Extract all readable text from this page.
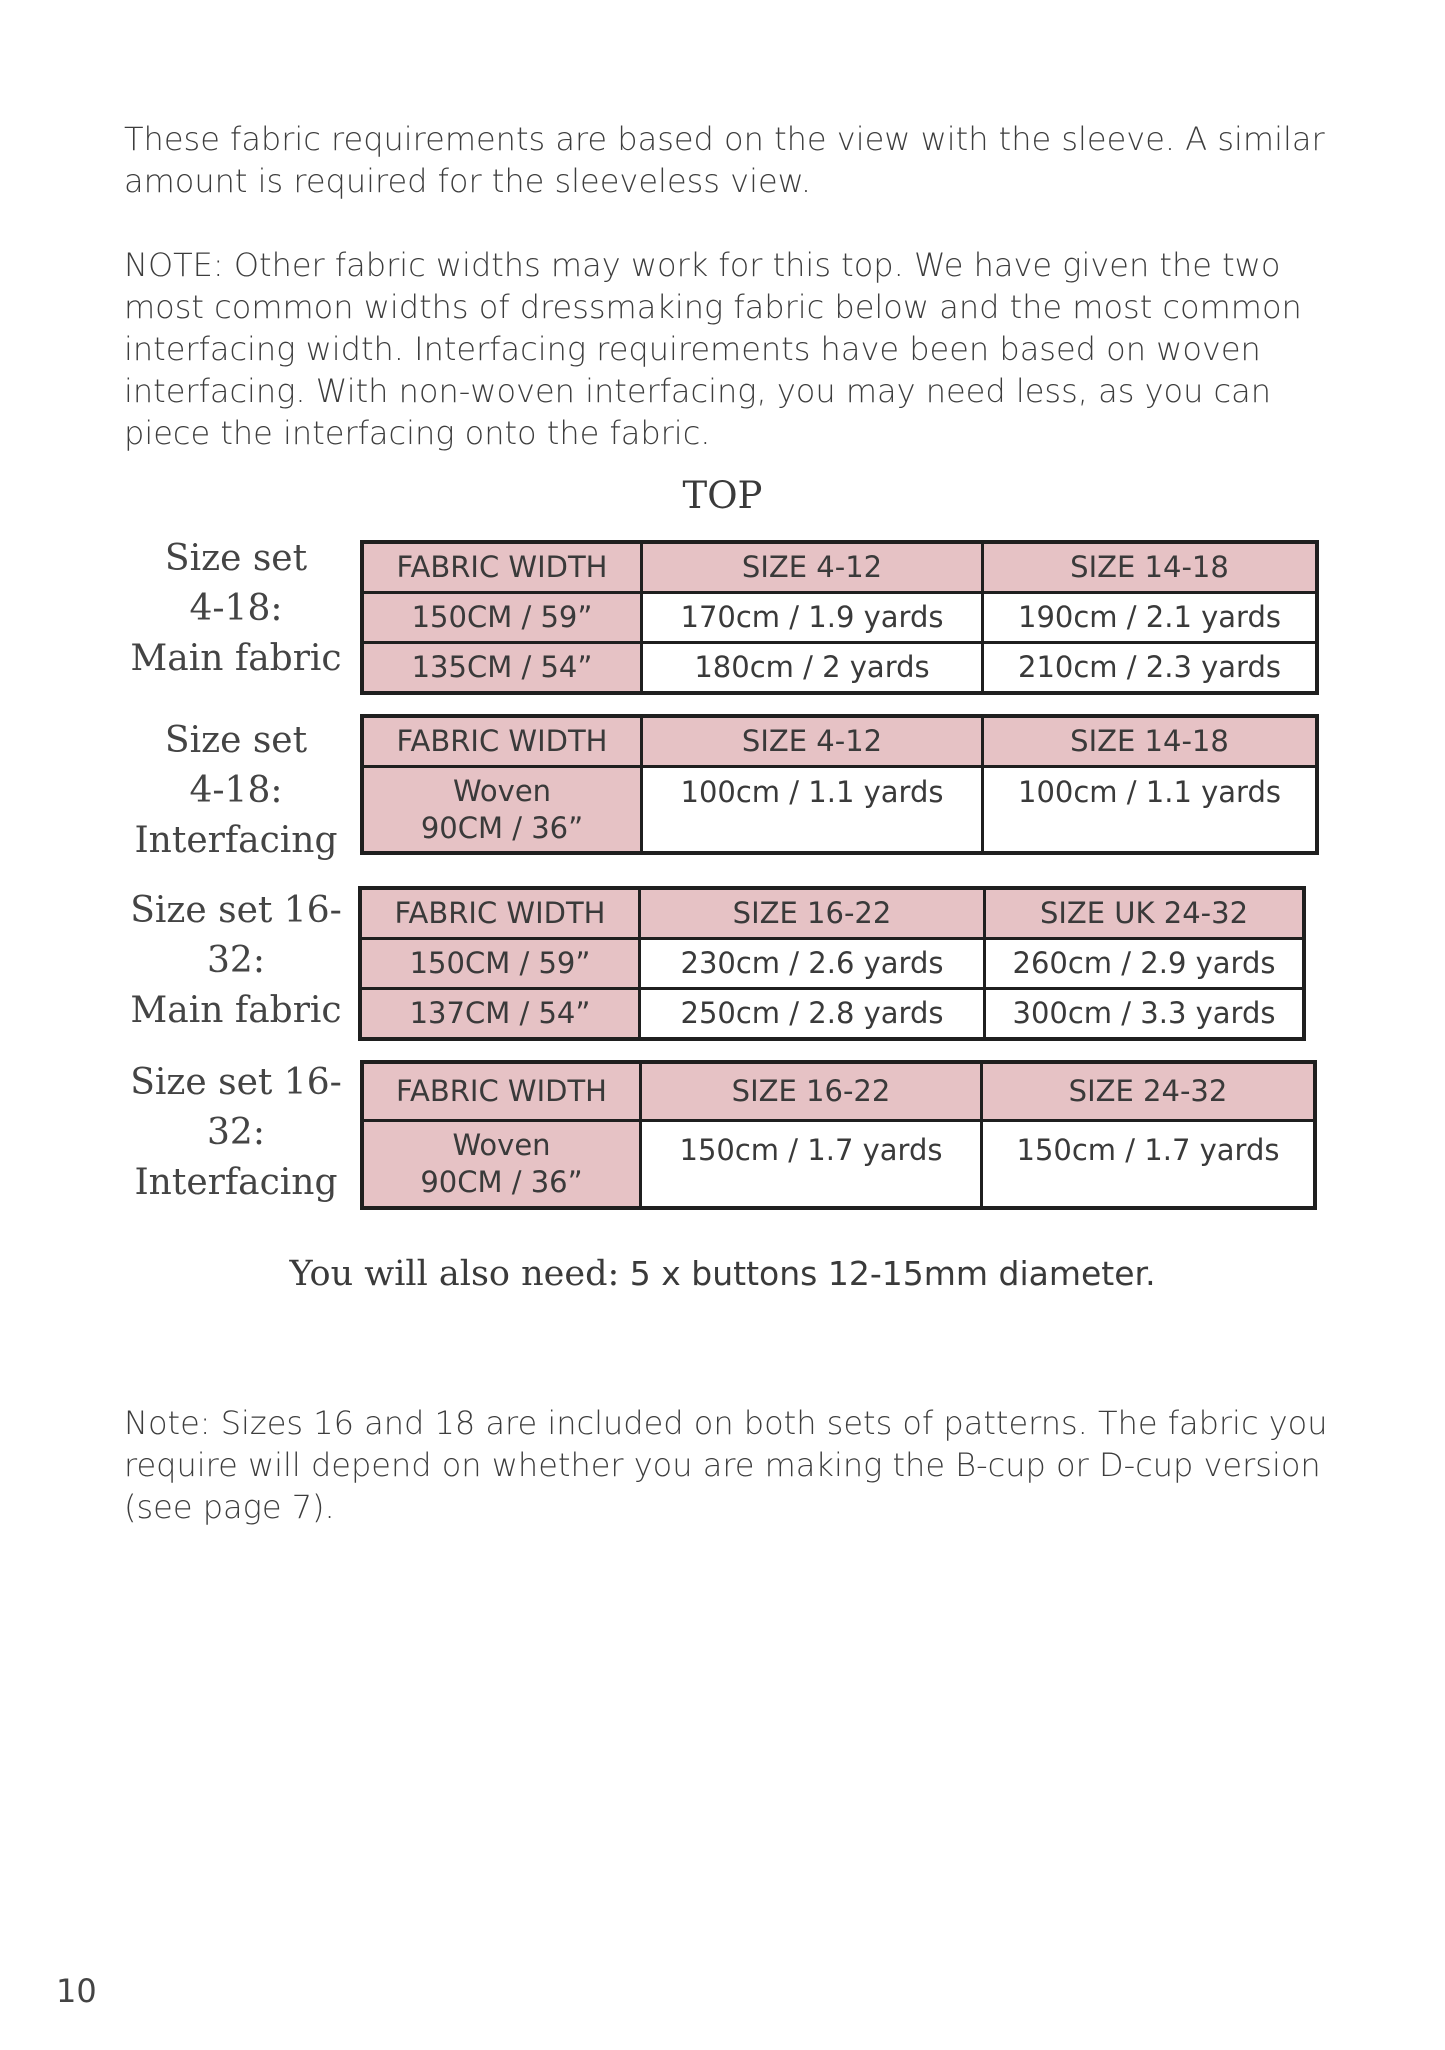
These fabric requirements are based on the view with the sleeve. A similar amount is required for the sleeveless view.

NOTE: Other fabric widths may work for this top. We have given the two most common widths of dressmaking fabric below and the most common interfacing width. Interfacing requirements have been based on woven interfacing. With non-woven interfacing, you may need less, as you can piece the interfacing onto the fabric.

TOP
Size set
4-18:
Main fabric
FABRIC WIDTH	SIZE 4-12	SIZE 14-18
150CM / 59”	170cm / 1.9 yards	190cm / 2.1 yards
135CM / 54”	180cm / 2 yards	210cm / 2.3 yards
Size set
4-18:
Interfacing
FABRIC WIDTH	SIZE 4-12	SIZE 14-18

Woven
90CM / 36”	100cm / 1.1 yards	100cm / 1.1 yards
Size set 16-
32:
Main fabric
FABRIC WIDTH	SIZE 16-22	SIZE UK 24-32
150CM / 59”	230cm / 2.6 yards	260cm / 2.9 yards
137CM / 54”	250cm / 2.8 yards	300cm / 3.3 yards
Size set 16-
32:
Interfacing
FABRIC WIDTH	SIZE 16-22	SIZE 24-32

Woven
90CM / 36”	150cm / 1.7 yards	150cm / 1.7 yards
You will also need: 5 x buttons 12-15mm diameter.

Note: Sizes 16 and 18 are included on both sets of patterns. The fabric you require will depend on whether you are making the B-cup or D-cup version (see page 7).

10
